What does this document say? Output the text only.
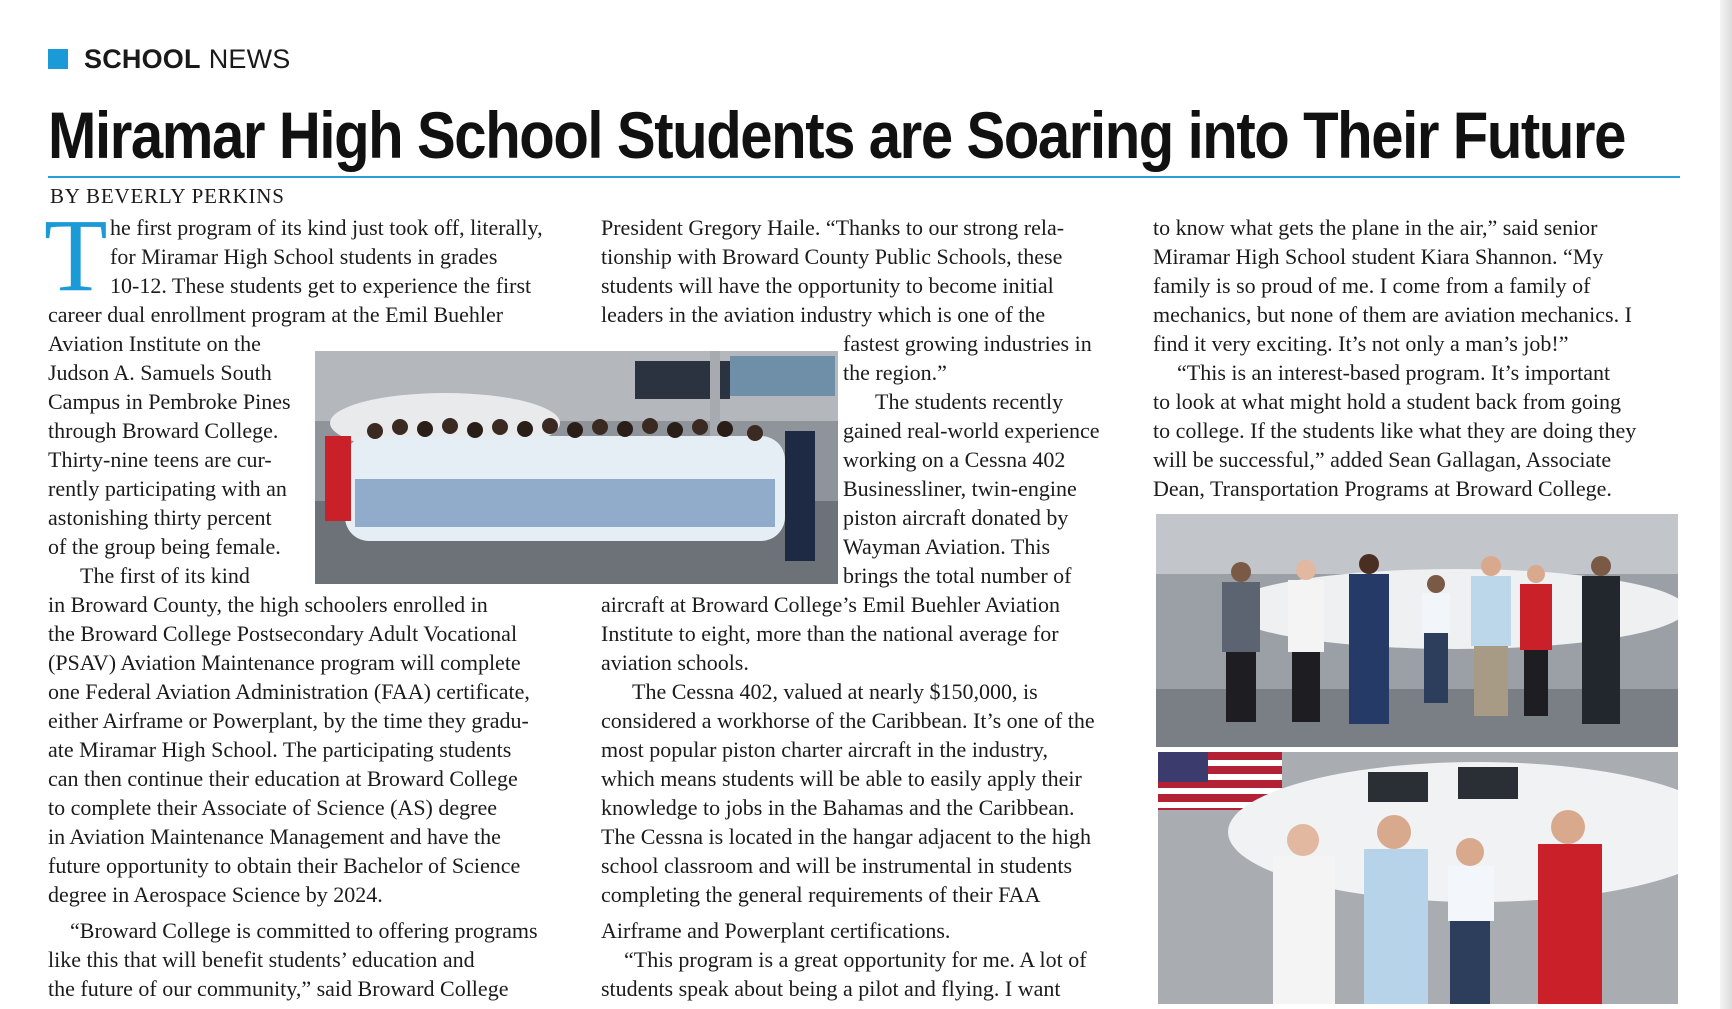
SCHOOL NEWS
Miramar High School Students are Soaring into Their Future
BY BEVERLY PERKINS
T he first program of its kind just took off, literally,
for Miramar High School students in grades
10-12. These students get to experience the first
career dual enrollment program at the Emil Buehler
Aviation Institute on the
Judson A. Samuels South
Campus in Pembroke Pines
through Broward College.
Thirty-nine teens are cur-
rently participating with an
astonishing thirty percent
of the group being female.
The first of its kind
in Broward County, the high schoolers enrolled in
the Broward College Postsecondary Adult Vocational
(PSAV) Aviation Maintenance program will complete
one Federal Aviation Administration (FAA) certificate,
either Airframe or Powerplant, by the time they gradu-
ate Miramar High School. The participating students
can then continue their education at Broward College
to complete their Associate of Science (AS) degree
in Aviation Maintenance Management and have the
future opportunity to obtain their Bachelor of Science
degree in Aerospace Science by 2024.
“Broward College is committed to offering programs
like this that will benefit students’ education and
the future of our community,” said Broward College
President Gregory Haile. “Thanks to our strong rela-
tionship with Broward County Public Schools, these
students will have the opportunity to become initial
leaders in the aviation industry which is one of the
fastest growing industries in
the region.”
The students recently
gained real-world experience
working on a Cessna 402
Businessliner, twin-engine
piston aircraft donated by
Wayman Aviation. This
brings the total number of
aircraft at Broward College’s Emil Buehler Aviation
Institute to eight, more than the national average for
aviation schools.
The Cessna 402, valued at nearly $150,000, is
considered a workhorse of the Caribbean. It’s one of the
most popular piston charter aircraft in the industry,
which means students will be able to easily apply their
knowledge to jobs in the Bahamas and the Caribbean.
The Cessna is located in the hangar adjacent to the high
school classroom and will be instrumental in students
completing the general requirements of their FAA
Airframe and Powerplant certifications.
“This program is a great opportunity for me. A lot of
students speak about being a pilot and flying. I want
to know what gets the plane in the air,” said senior
Miramar High School student Kiara Shannon. “My
family is so proud of me. I come from a family of
mechanics, but none of them are aviation mechanics. I
find it very exciting. It’s not only a man’s job!”
“This is an interest-based program. It’s important
to look at what might hold a student back from going
to college. If the students like what they are doing they
will be successful,” added Sean Gallagan, Associate
Dean, Transportation Programs at Broward College.
